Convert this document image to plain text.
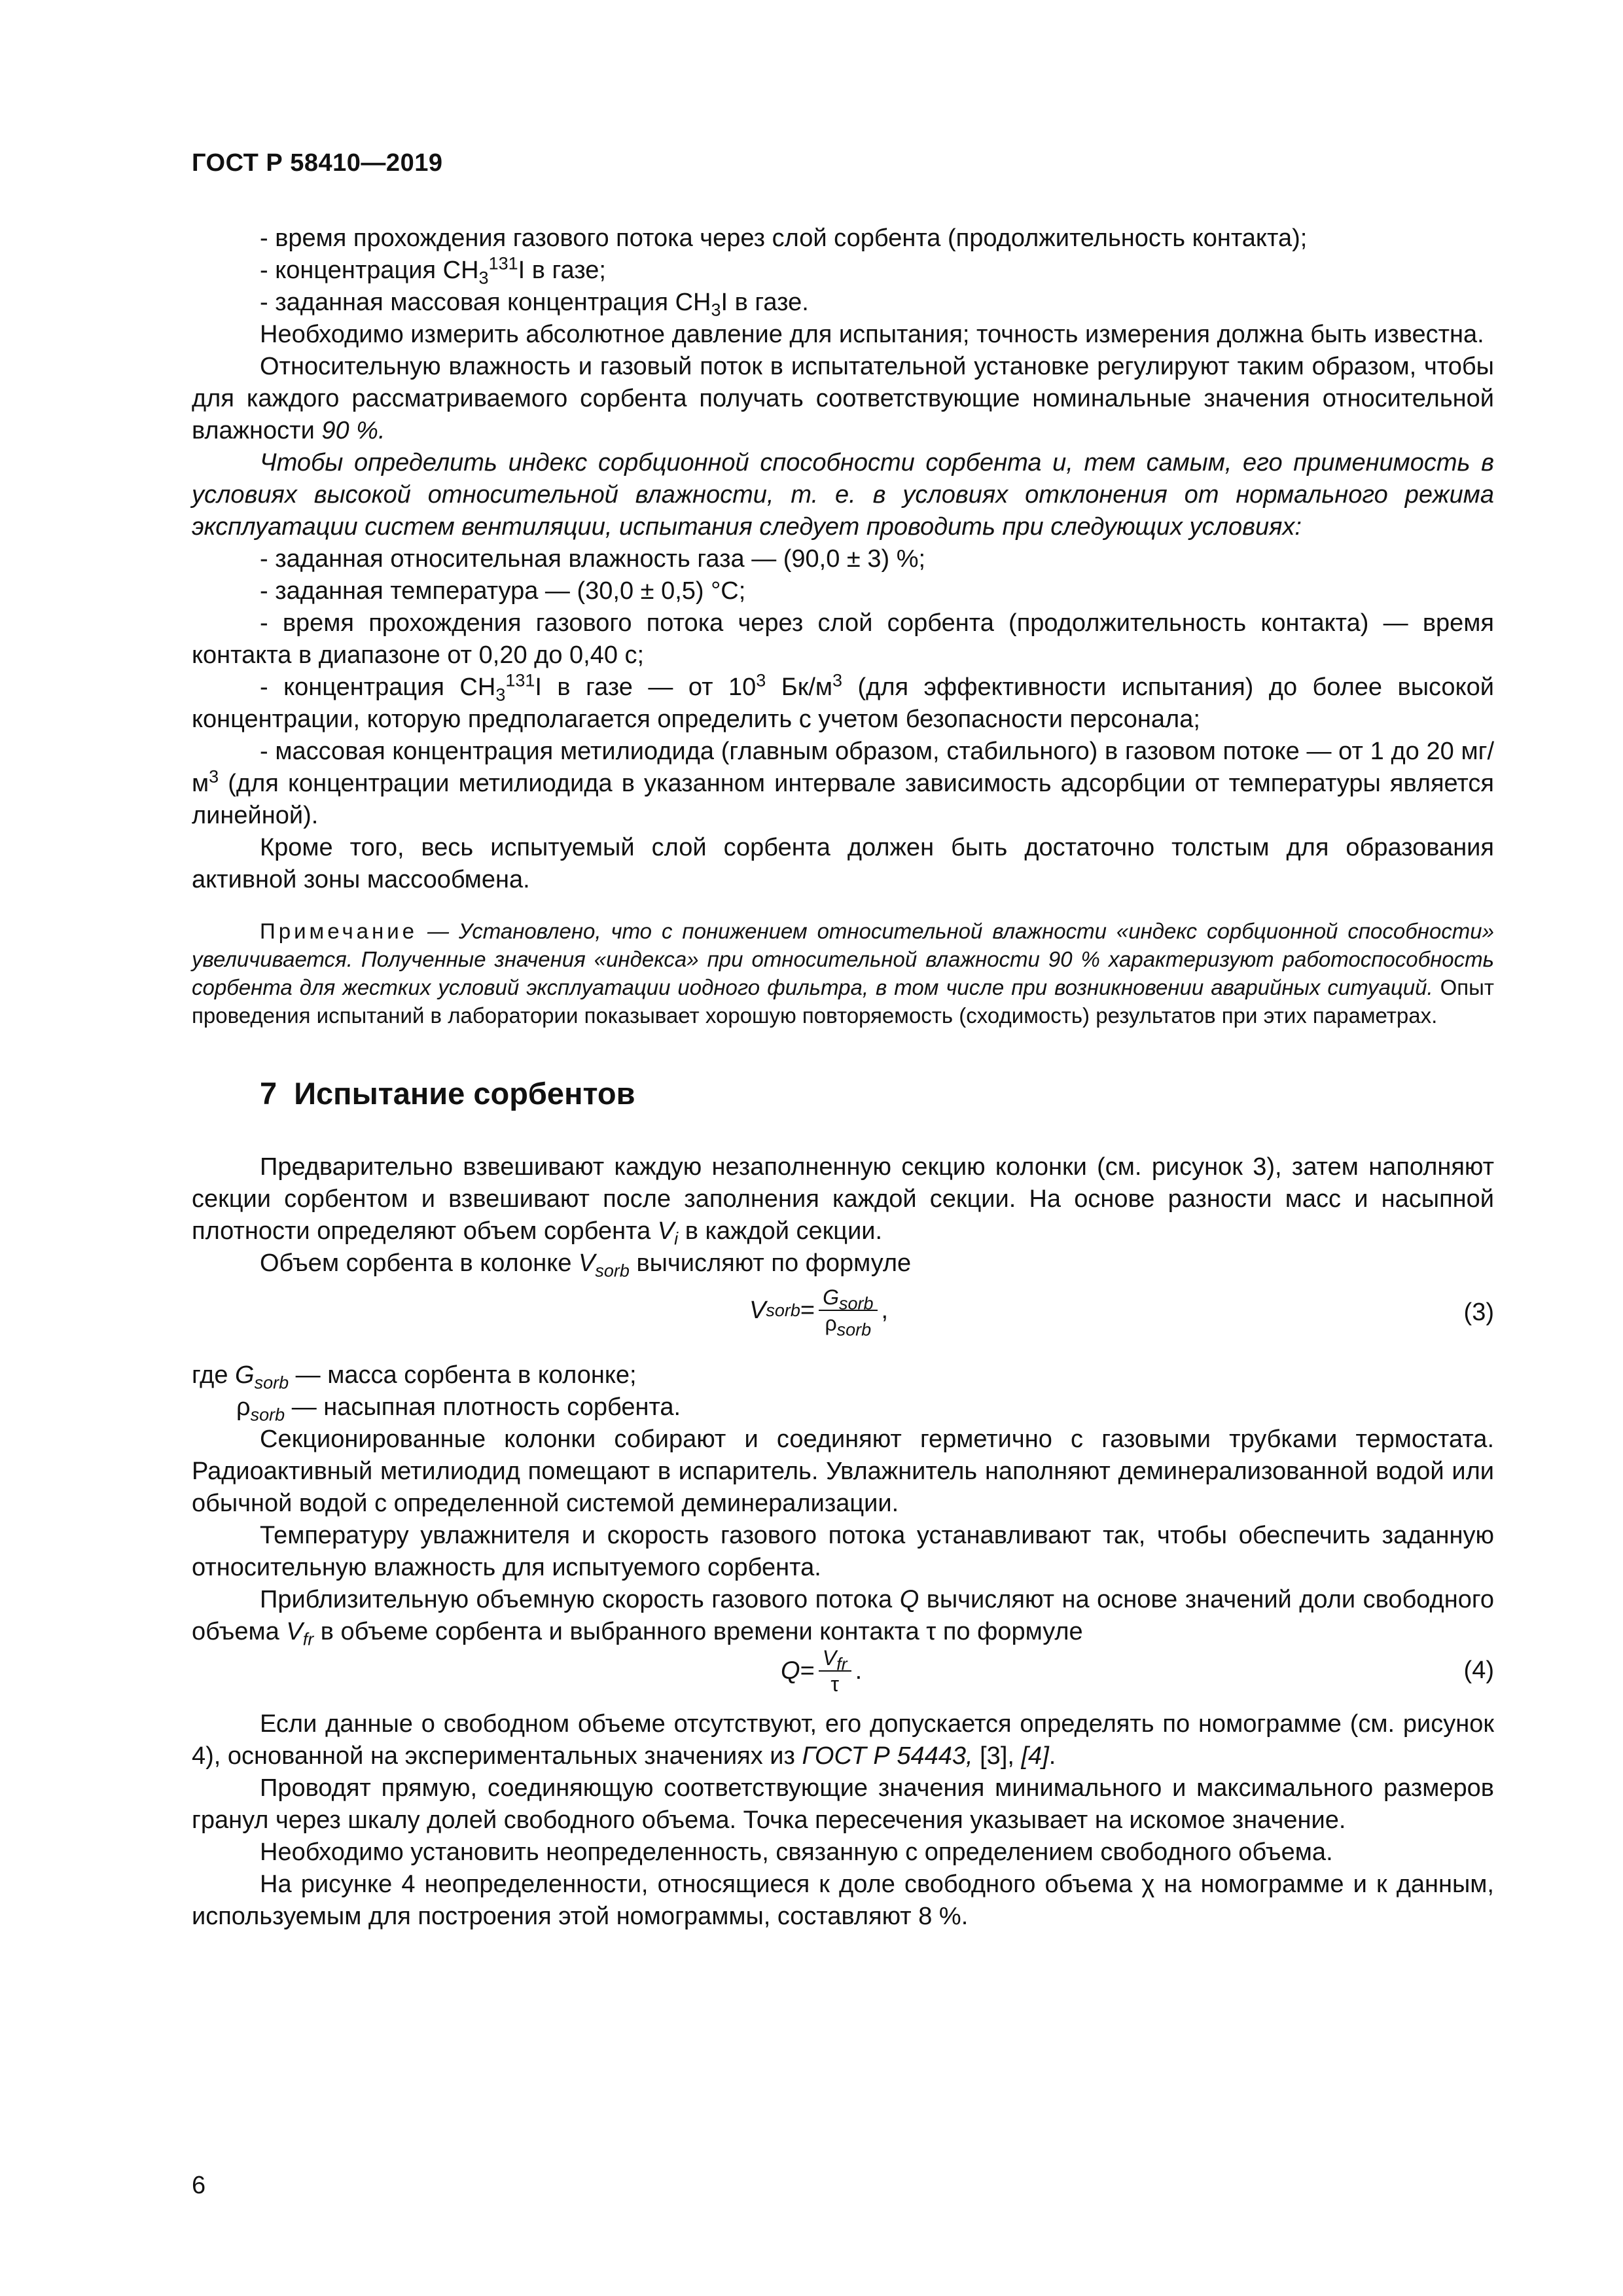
ГОСТ Р 58410—2019

- время прохождения газового потока через слой сорбента (продолжительность контакта);

- концентрация $CH_3^{131}I$ в газе;

- заданная массовая концентрация $CH_3I$ в газе.

Необходимо измерить абсолютное давление для испытания; точность измерения должна быть известна.

Относительную влажность и газовый поток в испытательной установке регулируют таким образом, чтобы для каждого рассматриваемого сорбента получать соответствующие номинальные значения относительной влажности 90 %.

Чтобы определить индекс сорбционной способности сорбента и, тем самым, его применимость в условиях высокой относительной влажности, т. е. в условиях отклонения от нормального режима эксплуатации систем вентиляции, испытания следует проводить при следующих условиях:

- заданная относительная влажность газа — (90,0 ± 3) %;

- заданная температура — (30,0 ± 0,5) °C;

- время прохождения газового потока через слой сорбента (продолжительность контакта) — время контакта в диапазоне от 0,20 до 0,40 с;

- концентрация $CH_3^{131}I$ в газе — от $10^3$ $Бк/м^3$ (для эффективности испытания) до более высокой концентрации, которую предполагается определить с учетом безопасности персонала;

- массовая концентрация метилиодида (главным образом, стабильного) в газовом потоке — от 1 до 20 $мг/м^3$ (для концентрации метилиодида в указанном интервале зависимость адсорбции от температуры является линейной).

Кроме того, весь испытуемый слой сорбента должен быть достаточно толстым для образования активной зоны массообмена.

Примечание — Установлено, что с понижением относительной влажности «индекс сорбционной способности» увеличивается. Полученные значения «индекса» при относительной влажности 90 % характеризуют работоспособность сорбента для жестких условий эксплуатации иодного фильтра, в том числе при возникновении аварийных ситуаций. Опыт проведения испытаний в лаборатории показывает хорошую повторяемость (сходимость) результатов при этих параметрах.

7 Испытание сорбентов

Предварительно взвешивают каждую незаполненную секцию колонки (см. рисунок 3), затем наполняют секции сорбентом и взвешивают после заполнения каждой секции. На основе разности масс и насыпной плотности определяют объем сорбента $V_i$ в каждой секции.

Объем сорбента в колонке $V_{sorb}$ вычисляют по формуле

V sorb = $\frac{G_{sorb}}{\rho_{sorb}}$ ,	(3)

где $G_{sorb}$ — масса сорбента в колонке;

$\rho_{sorb}$ — насыпная плотность сорбента.

Секционированные колонки собирают и соединяют герметично с газовыми трубками термостата. Радиоактивный метилиодид помещают в испаритель. Увлажнитель наполняют деминерализованной водой или обычной водой с определенной системой деминерализации.

Температуру увлажнителя и скорость газового потока устанавливают так, чтобы обеспечить заданную относительную влажность для испытуемого сорбента.

Приблизительную объемную скорость газового потока Q вычисляют на основе значений доли свободного объема $V_{fr}$ в объеме сорбента и выбранного времени контакта τ по формуле

$Q = \frac{V_{fr}}{\tau}$ .	(4)

Если данные о свободном объеме отсутствуют, его допускается определять по номограмме (см. рисунок 4), основанной на экспериментальных значениях из ГОСТ Р 54443, [3], [4].

Проводят прямую, соединяющую соответствующие значения минимального и максимального размеров гранул через шкалу долей свободного объема. Точка пересечения указывает на искомое значение.

Необходимо установить неопределенность, связанную с определением свободного объема.

На рисунке 4 неопределенности, относящиеся к доле свободного объема χ на номограмме и к данным, используемым для построения этой номограммы, составляют 8 %.

6
